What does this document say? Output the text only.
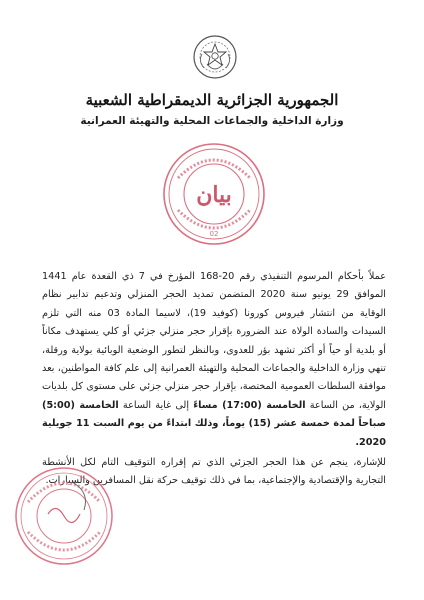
الجمهورية الجزائرية الديمقراطية الشعبية
وزارة الداخلية والجماعات المحلية والتهيئة العمرانية
بيان
02

عملاً بأحكام المرسوم التنفيذي رقم 20-168 المؤرخ في 7 ذي القعدة عام 1441 الموافق 29 يونيو سنة 2020 المتضمن تمديد الحجر المنزلي وتدعيم تدابير نظام الوقاية من انتشار فيروس كورونا (كوفيد 19)، لاسيما المادة 03 منه التي تلزم السيدات والسادة الولاة عند الضرورة بإقرار حجر منزلي جزئي أو كلي يستهدف مكاناً أو بلدية أو حياً أو أكثر تشهد بؤر للعدوى، وبالنظر لتطور الوضعية الوبائية بولاية ورقلة، تنهي وزارة الداخلية والجماعات المحلية والتهيئة العمرانية إلى علم كافة المواطنين، بعد موافقة السلطات العمومية المختصة، بإقرار حجر منزلي جزئي على مستوى كل بلديات الولاية، من الساعة الخامسة (17:00) مساءً إلى غاية الساعة الخامسة (5:00) صباحاً لمدة خمسة عشر (15) يوماً، وذلك ابتداءً من يوم السبت 11 جويلية 2020.

للإشارة، ينجم عن هذا الحجر الجزئي الذي تم إقراره التوقيف التام لكل الأنشطة التجارية والإقتصادية والإجتماعية، بما في ذلك توقيف حركة نقل المسافرين والسيارات.
